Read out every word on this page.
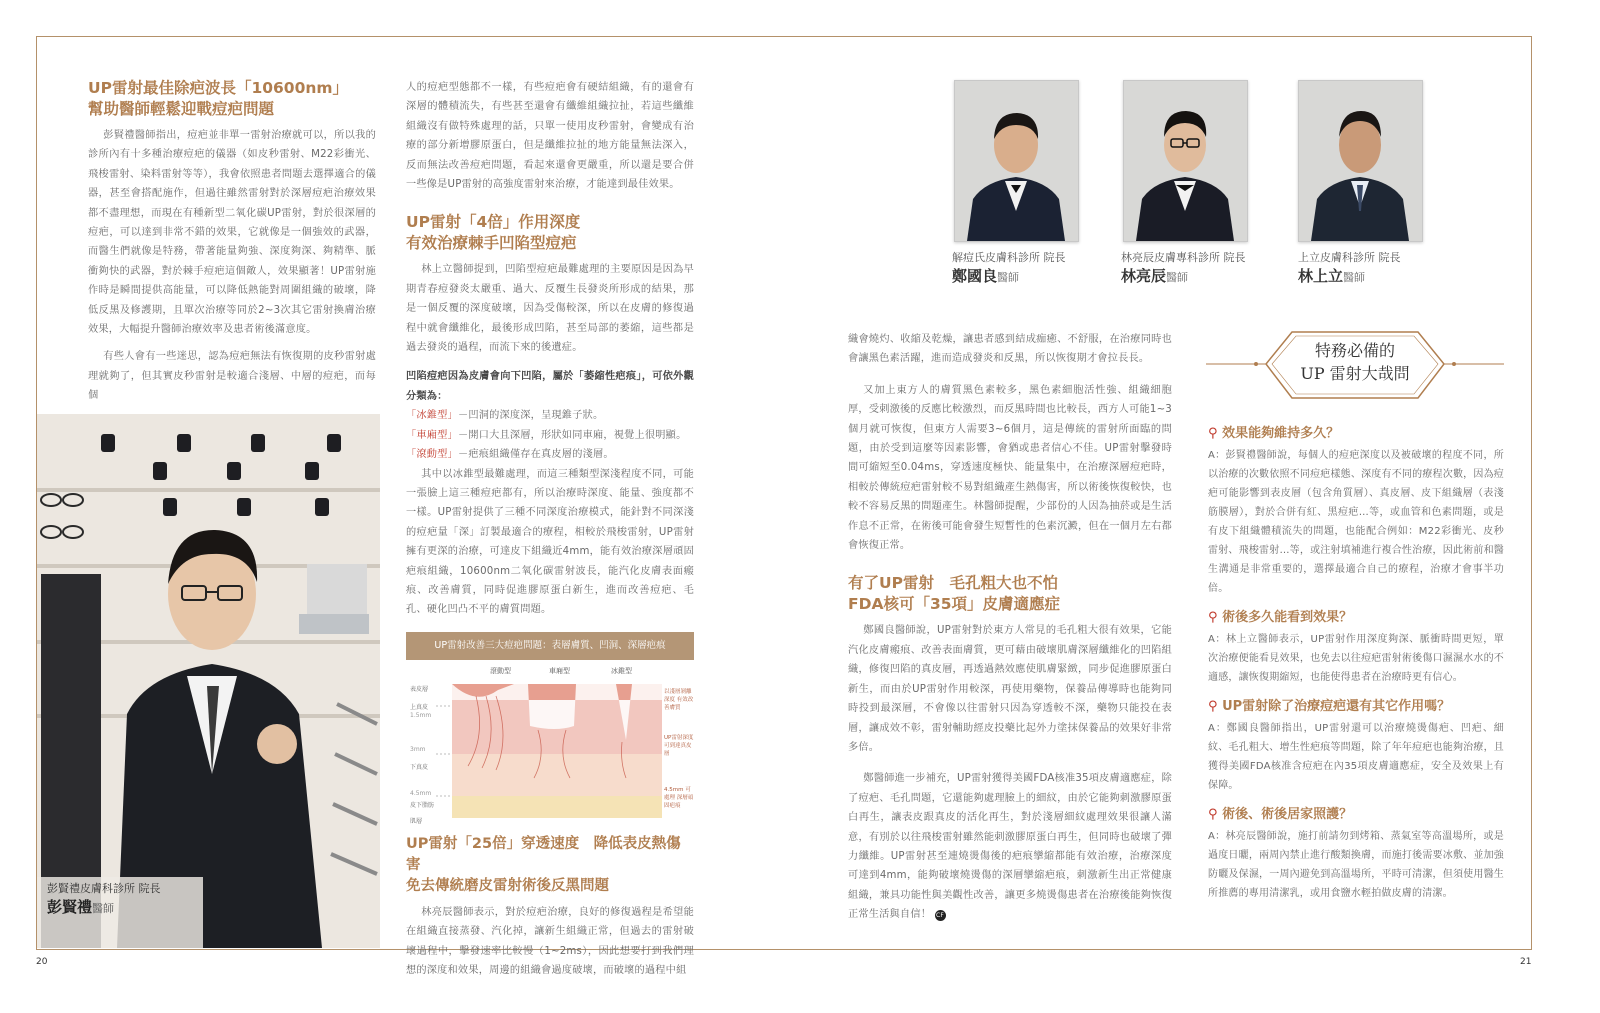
20	21
UP雷射最佳除疤波長「10600nm」
幫助醫師輕鬆迎戰痘疤問題

彭賢禮醫師指出，痘疤並非單一雷射治療就可以，所以我的診所內有十多種治療痘疤的儀器（如皮秒雷射、M22彩衝光、飛梭雷射、染料雷射等等），我會依照患者問題去選擇適合的儀器，甚至會搭配施作，但過往雖然雷射對於深層痘疤治療效果都不盡理想，而現在有種新型二氧化碳UP雷射，對於很深層的痘疤，可以達到非常不錯的效果，它就像是一個強效的武器，而醫生們就像是特務，帶著能量夠強、深度夠深、夠精準、脈衝夠快的武器，對於棘手痘疤這個敵人，效果顯著！UP雷射施作時是瞬間提供高能量，可以降低熱能對周圍組織的破壞，降低反黑及修護期，且單次治療等同於2~3次其它雷射換膚治療效果，大幅提升醫師治療效率及患者術後滿意度。

有些人會有一些迷思，認為痘疤無法有恢復期的皮秒雷射處理就夠了，但其實皮秒雷射是較適合淺層、中層的痘疤，而每個

彭賢禮皮膚科診所 院長
彭賢禮醫師

人的痘疤型態都不一樣，有些痘疤會有硬結組織，有的還會有深層的體積流失，有些甚至還會有纖維組織拉扯，若這些纖維組織沒有做特殊處理的話，只單一使用皮秒雷射，會變成有治療的部分新增膠原蛋白，但是纖維拉扯的地方能量無法深入，反而無法改善痘疤問題，看起來還會更嚴重，所以還是要合併一些像是UP雷射的高強度雷射來治療，才能達到最佳效果。

UP雷射「4倍」作用深度
有效治療棘手凹陷型痘疤

林上立醫師提到，凹陷型痘疤最難處理的主要原因是因為早期青春痘發炎太嚴重、過大、反覆生長發炎所形成的結果，那是一個反覆的深度破壞，因為受傷較深，所以在皮膚的修復過程中就會纖維化，最後形成凹陷，甚至局部的萎縮，這些都是過去發炎的過程，而流下來的後遺症。

凹陷痘疤因為皮膚會向下凹陷，屬於「萎縮性疤痕」，可依外觀分類為：

「冰錐型」－凹洞的深度深，呈現錐子狀。

「車廂型」－開口大且深層，形狀如同車廂，視覺上很明顯。

「滾動型」－疤痕組織僅存在真皮層的淺層。

其中以冰錐型最難處理，而這三種類型深淺程度不同，可能一張臉上這三種痘疤都有，所以治療時深度、能量、強度都不一樣。UP雷射提供了三種不同深度治療模式，能針對不同深淺的痘疤量「深」訂製最適合的療程，相較於飛梭雷射，UP雷射擁有更深的治療，可達皮下組織近4mm，能有效治療深層頑固疤痕組織，10600nm二氧化碳雷射波長，能汽化皮膚表面瘢痕、改善膚質，同時促進膠原蛋白新生，進而改善痘疤、毛孔、硬化凹凸不平的膚質問題。

UP雷射改善三大痘疤問題：表層膚質、凹洞、深層疤痕
滾動型	車廂型	冰錐型
表皮層
上真皮
下真皮
皮下脂肪
肌層
1.5mm
3mm
4.5mm
以淺層剝離深度 有效改善膚質
UP雷射深度 可到達真皮層
4.5mm 可處理 深層頑固疤痕
UP雷射「25倍」穿透速度　降低表皮熱傷害
免去傳統磨皮雷射術後反黑問題

林亮辰醫師表示，對於痘疤治療，良好的修復過程是希望能在組織直接蒸發、汽化掉，讓新生組織正常，但過去的雷射破壞過程中，擊發速率比較慢（1~2ms），因此想要打到我們理想的深度和效果，周邊的組織會過度破壞，而破壞的過程中組

解痘氏皮膚科診所 院長
鄭國良醫師
林亮辰皮膚專科診所 院長
林亮辰醫師
上立皮膚科診所 院長
林上立醫師

織會燒灼、收縮及乾燥，讓患者感到結成痂癒、不舒服，在治療同時也會讓黑色素活躍，進而造成發炎和反黑，所以恢復期才會拉長長。

又加上東方人的膚質黑色素較多，黑色素細胞活性強、組織細胞厚，受刺激後的反應比較激烈，而反黑時間也比較長，西方人可能1~3個月就可恢復，但東方人需要3~6個月，這是傳統的雷射所面臨的問題，由於受到這麼等因素影響，會猶或患者信心不佳。UP雷射擊發時間可縮短至0.04ms，穿透速度極快、能量集中，在治療深層痘疤時，相較於傳統痘疤雷射較不易對組織產生熱傷害，所以術後恢復較快，也較不容易反黑的問題產生。林醫師提醒，少部份的人因為抽菸或是生活作息不正常，在術後可能會發生短暫性的色素沉澱，但在一個月左右都會恢復正常。

有了UP雷射　毛孔粗大也不怕
FDA核可「35項」皮膚適應症

鄭國良醫師說，UP雷射對於東方人常見的毛孔粗大很有效果，它能汽化皮膚瘢痕、改善表面膚質，更可藉由破壞肌膚深層纖維化的凹陷組織，修復凹陷的真皮層，再透過熱效應使肌膚緊緻，同步促進膠原蛋白新生，而由於UP雷射作用較深，再使用藥物，保養品傳導時也能夠同時投到最深層，不會像以往雷射只因為穿透較不深，藥物只能投在表層，讓成效不彰，雷射輔助經皮投藥比起外力塗抹保養品的效果好非常多倍。

鄭醫師進一步補充，UP雷射獲得美國FDA核准35項皮膚適應症，除了痘疤、毛孔問題，它還能夠處理臉上的細紋，由於它能夠刺激膠原蛋白再生，讓表皮跟真皮的活化再生，對於淺層細紋處理效果很讓人滿意，有別於以往飛梭雷射雖然能刺激膠原蛋白再生，但同時也破壞了彈力纖維。UP雷射甚至連燒燙傷後的疤痕攣縮都能有效治療，治療深度可達到4mm，能夠破壞燒燙傷的深層攣縮疤痕，刺激新生出正常健康組織，兼具功能性與美觀性改善，讓更多燒燙傷患者在治療後能夠恢復正常生活與自信！ CF

特務必備的
UP 雷射大哉問
⚲ 效果能夠維持多久？

A：彭賢禮醫師說，每個人的痘疤深度以及被破壞的程度不同，所以治療的次數依照不同痘疤樣態、深度有不同的療程次數，因為痘疤可能影響到表皮層（包含角質層）、真皮層、皮下組織層（表淺筋膜層），對於合併有紅、黑痘疤…等，或血管和色素問題，或是有皮下組織體積流失的問題，也能配合例如：M22彩衝光、皮秒雷射、飛梭雷射…等，或注射填補進行複合性治療，因此術前和醫生溝通是非常重要的，選擇最適合自己的療程，治療才會事半功倍。

⚲ 術後多久能看到效果？

A：林上立醫師表示，UP雷射作用深度夠深、脈衝時間更短，單次治療便能看見效果，也免去以往痘疤雷射術後傷口濕濕水水的不適感，讓恢復期縮短，也能使得患者在治療時更有信心。

⚲ UP雷射除了治療痘疤還有其它作用嗎？

A：鄭國良醫師指出，UP雷射還可以治療燒燙傷疤、凹疤、細紋、毛孔粗大、增生性疤痕等問題，除了年年痘疤也能夠治療，且獲得美國FDA核准含痘疤在內35項皮膚適應症，安全及效果上有保障。

⚲ 術後、術後居家照護？

A：林亮辰醫師說，施打前請勿到烤箱、蒸氣室等高溫場所，或是過度日曬，兩周內禁止進行酸類換膚，而施打後需要冰敷、並加強防曬及保濕，一周內避免到高溫場所，平時可清潔，但須使用醫生所推薦的專用清潔乳，或用食鹽水輕拍做皮膚的清潔。
